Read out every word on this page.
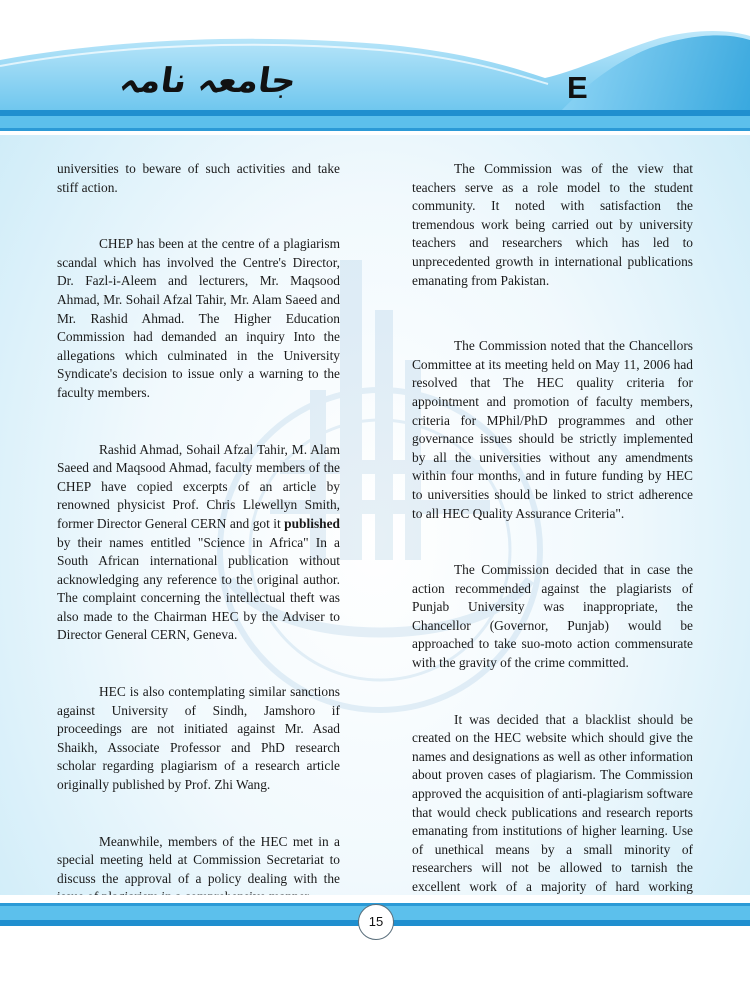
جامعہ نامہ	E

universities to beware of such activities and take stiff action.

CHEP has been at the centre of a plagiarism scandal which has involved the Centre's Director, Dr. Fazl-i-Aleem and lecturers, Mr. Maqsood Ahmad, Mr. Sohail Afzal Tahir, Mr. Alam Saeed and Mr. Rashid Ahmad. The Higher Education Commission had demanded an inquiry Into the allegations which culminated in the University Syndicate's decision to issue only a warning to the faculty members.

Rashid Ahmad, Sohail Afzal Tahir, M. Alam Saeed and Maqsood Ahmad, faculty members of the CHEP have copied excerpts of an article by renowned physicist Prof. Chris Llewellyn Smith, former Director General CERN and got it published by their names entitled "Science in Africa" In a South African international publication without acknowledging any reference to the original author. The complaint concerning the intellectual theft was also made to the Chairman HEC by the Adviser to Director General CERN, Geneva.

HEC is also contemplating similar sanctions against University of Sindh, Jamshoro if proceedings are not initiated against Mr. Asad Shaikh, Associate Professor and PhD research scholar regarding plagiarism of a research article originally published by Prof. Zhi Wang.

Meanwhile, members of the HEC met in a special meeting held at Commission Secretariat to discuss the approval of a policy dealing with the

The Commission was of the view that teachers serve as a role model to the student community. It noted with satisfaction the tremendous work being carried out by university teachers and researchers which has led to unprecedented growth in international publications emanating from Pakistan.

The Commission noted that the Chancellors Committee at its meeting held on May 11, 2006 had resolved that The HEC quality criteria for appointment and promotion of faculty members, criteria for MPhil/PhD programmes and other governance issues should be strictly implemented by all the universities without any amendments within four months, and in future funding by HEC to universities should be linked to strict adherence to all HEC Quality Assurance Criteria".

The Commission decided that in case the action recommended against the plagiarists of Punjab University was inappropriate, the Chancellor (Governor, Punjab) would be approached to take suo-moto action commensurate with the gravity of the crime committed.

It was decided that a blacklist should be created on the HEC website which should give the names and designations as well as other information about proven cases of plagiarism. The Commission approved the acquisition of anti-plagiarism software that would check publications and research reports emanating from institutions of higher learning. Use of unethical means by a small minority of researchers will not be allowed to tarnish the excellent work of a majority of hard working

15
